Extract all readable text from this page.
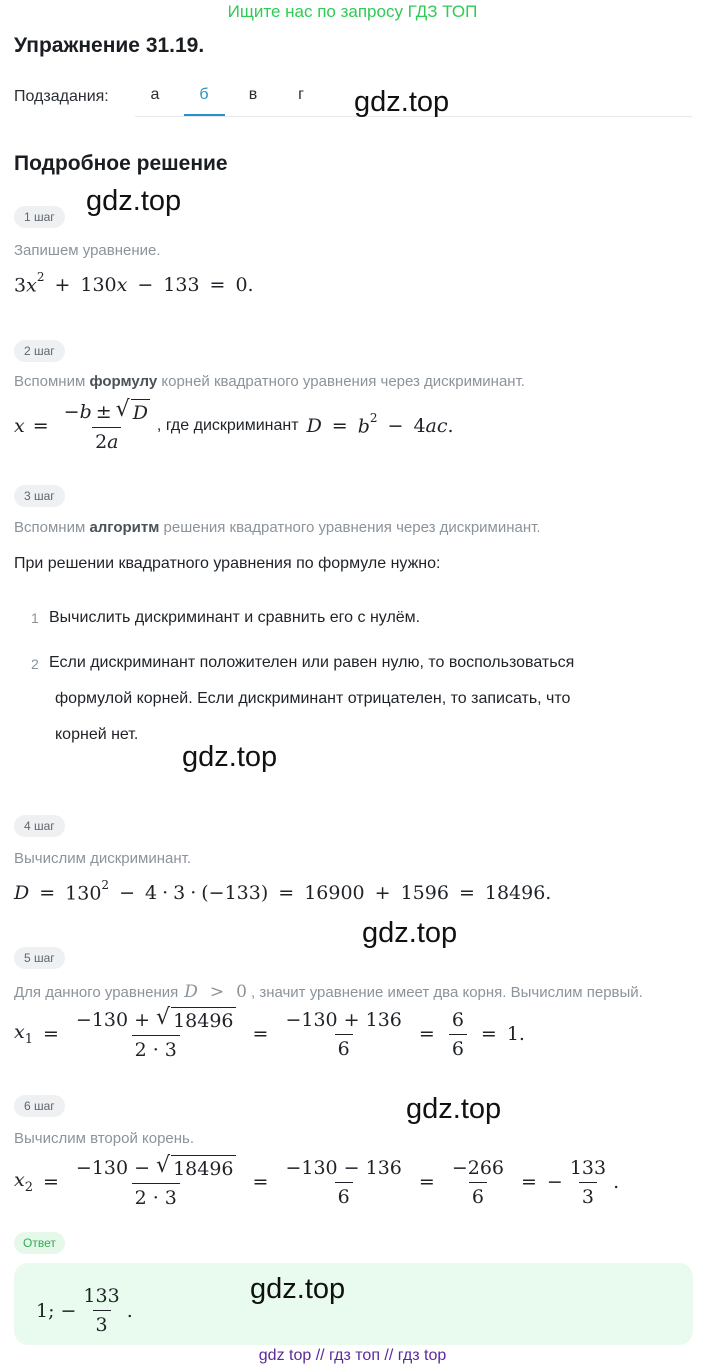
Ищите нас по запросу ГДЗ ТОП
Упражнение 31.19.
Подзадания:	а	б	в	г	gdz.top
gdz.top
gdz.top
gdz.top
gdz.top
gdz.top
Подробное решение
1 шаг
Запишем уравнение.
$3x^2 + 130x - 133 = 0$.
2 шаг
Вспомним формулу корней квадратного уравнения через дискриминант.
$x = \frac{- b \pm √ D}{2a}$ , где дискриминант $D = b^2 - 4ac$.
3 шаг
Вспомним алгоритм решения квадратного уравнения через дискриминант.
При решении квадратного уравнения по формуле нужно:
1 Вычислить дискриминант и сравнить его с нулём.
2 Если дискриминант положителен или равен нулю, то воспользоваться
формулой корней. Если дискриминант отрицателен, то записать, что
корней нет.
4 шаг
Вычислим дискриминант.
$D = 130^2 - 4 \cdot 3 \cdot (-133) = 16900 + 1596 = 18496$.
5 шаг
Для данного уравнения D > 0 , значит уравнение имеет два корня. Вычислим первый.
$x_1 = \frac{-130 + √ 18496}{2 \cdot 3} = \frac{-130 + 136}{6} = \frac{6}{6} = 1$.
6 шаг
Вычислим второй корень.
$x_2 = \frac{-130 - √ 18496}{2 \cdot 3} = \frac{-130 - 136}{6} = \frac{-266}{6}$ = − $\frac{133}{3}$ .
Ответ
1; − $\frac{133}{3}$ .
gdz top // гдз топ // гдз top
